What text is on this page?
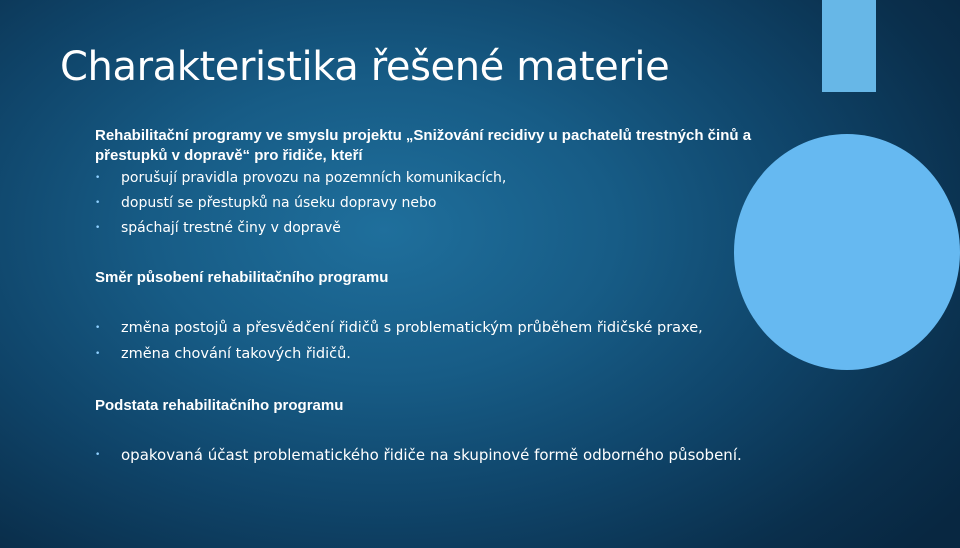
Charakteristika řešené materie

Rehabilitační programy ve smyslu projektu „Snižování recidivy u pachatelů trestných činů a přestupků v dopravě“ pro řidiče, kteří

• porušují pravidla provozu na pozemních komunikacích,
• dopustí se přestupků na úseku dopravy nebo
• spáchají trestné činy v dopravě

Směr působení rehabilitačního programu

• změna postojů a přesvědčení řidičů s problematickým průběhem řidičské praxe,
• změna chování takových řidičů.

Podstata rehabilitačního programu

• opakovaná účast problematického řidiče na skupinové formě odborného působení.
